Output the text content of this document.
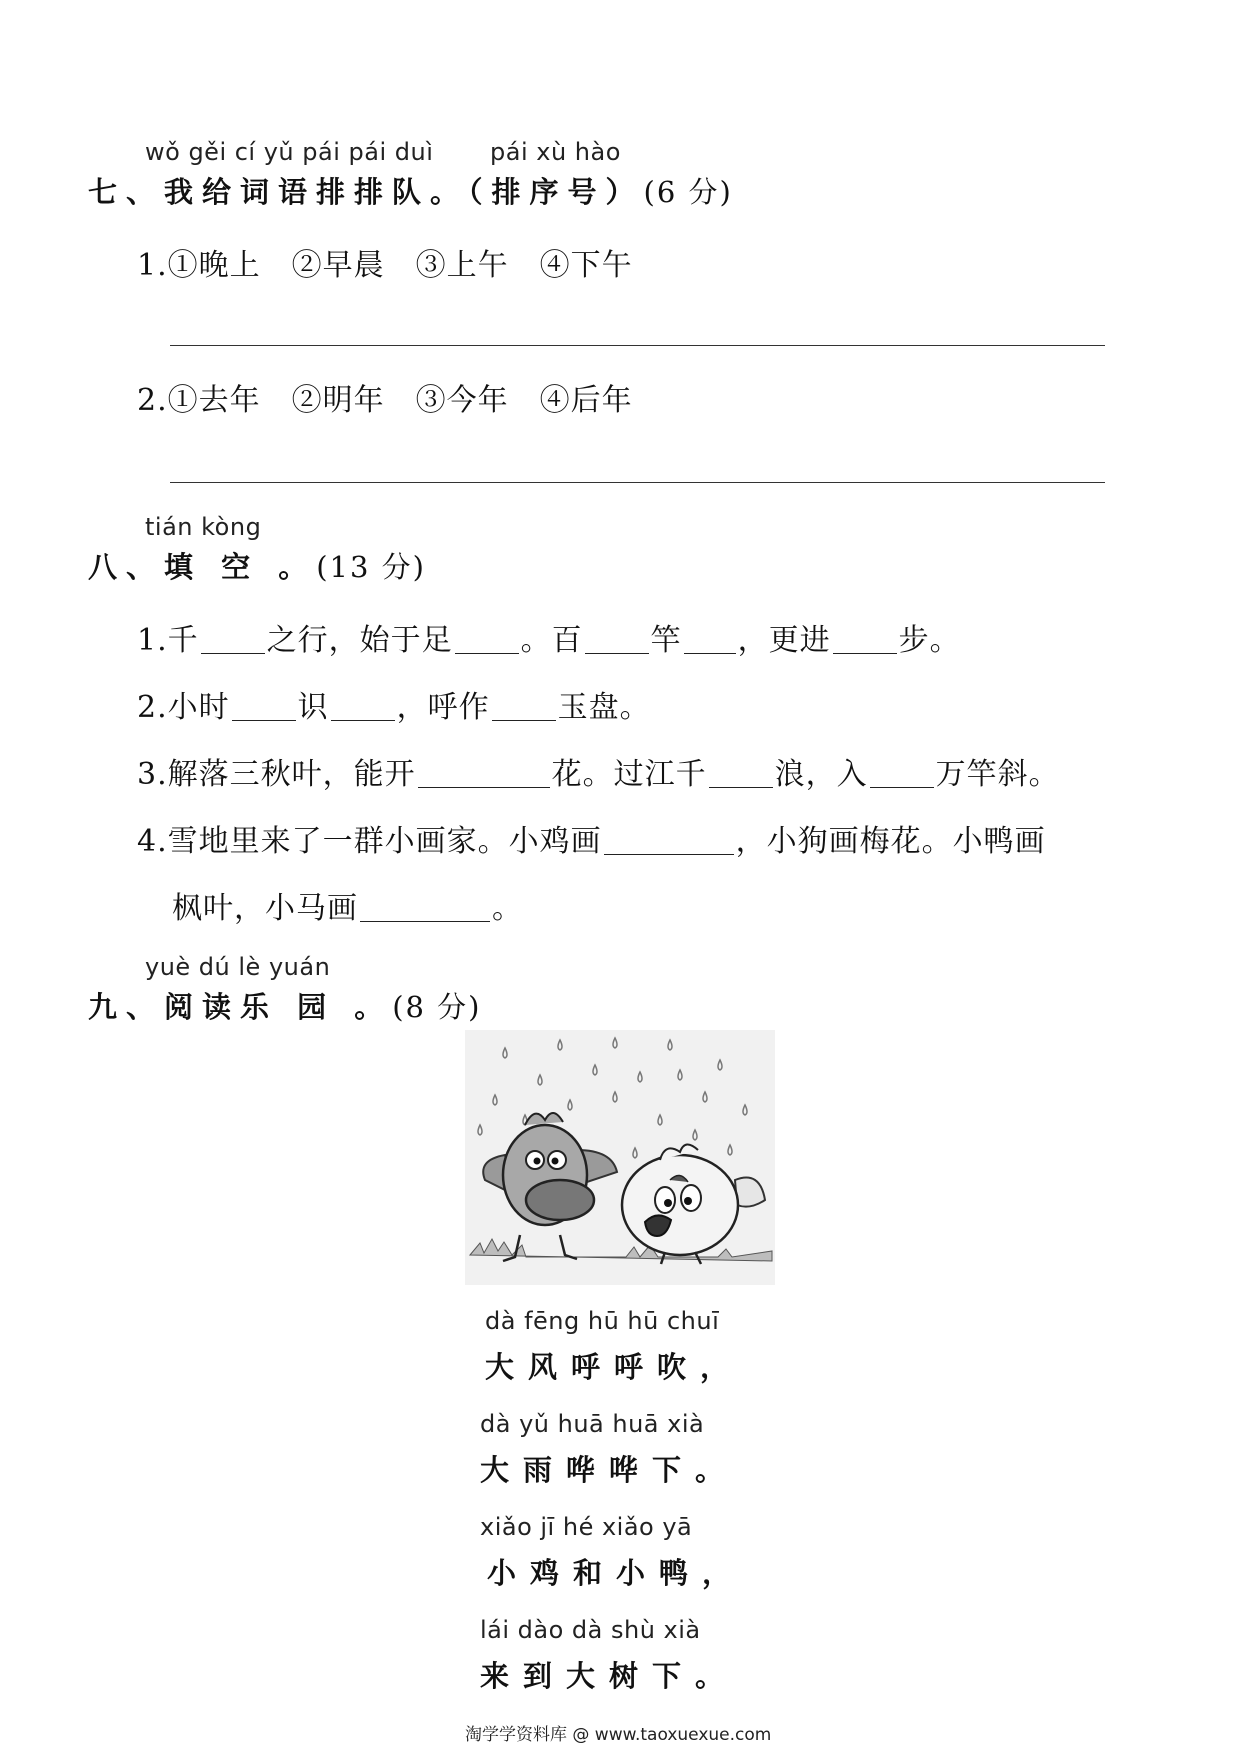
wǒ gěi cí yǔ pái pái duì pái xù hào
七、我给词语排排队。（排序号）(6 分)
1.①晚上　②早晨　③上午　④下午
2.①去年　②明年　③今年　④后年
tián kòng
八、填 空 。(13 分)
1.千 之行，始于足 。百 竿 ，更进 步。
2.小时 识 ，呼作 玉盘。
3.解落三秋叶，能开	花。过江千 浪，入 万竿斜。
4.雪地里来了一群小画家。小鸡画	，小狗画梅花。小鸭画
枫叶，小马画	。
yuè dú lè yuán
九、阅读乐 园 。(8 分)
dà fēng hū hū chuī
大风呼呼吹，
dà yǔ huā huā xià
大雨哗哗下。
xiǎo jī hé xiǎo yā
小鸡和小鸭，
lái dào dà shù xià
来到大树下。
淘学学资料库 @ www.taoxuexue.com
